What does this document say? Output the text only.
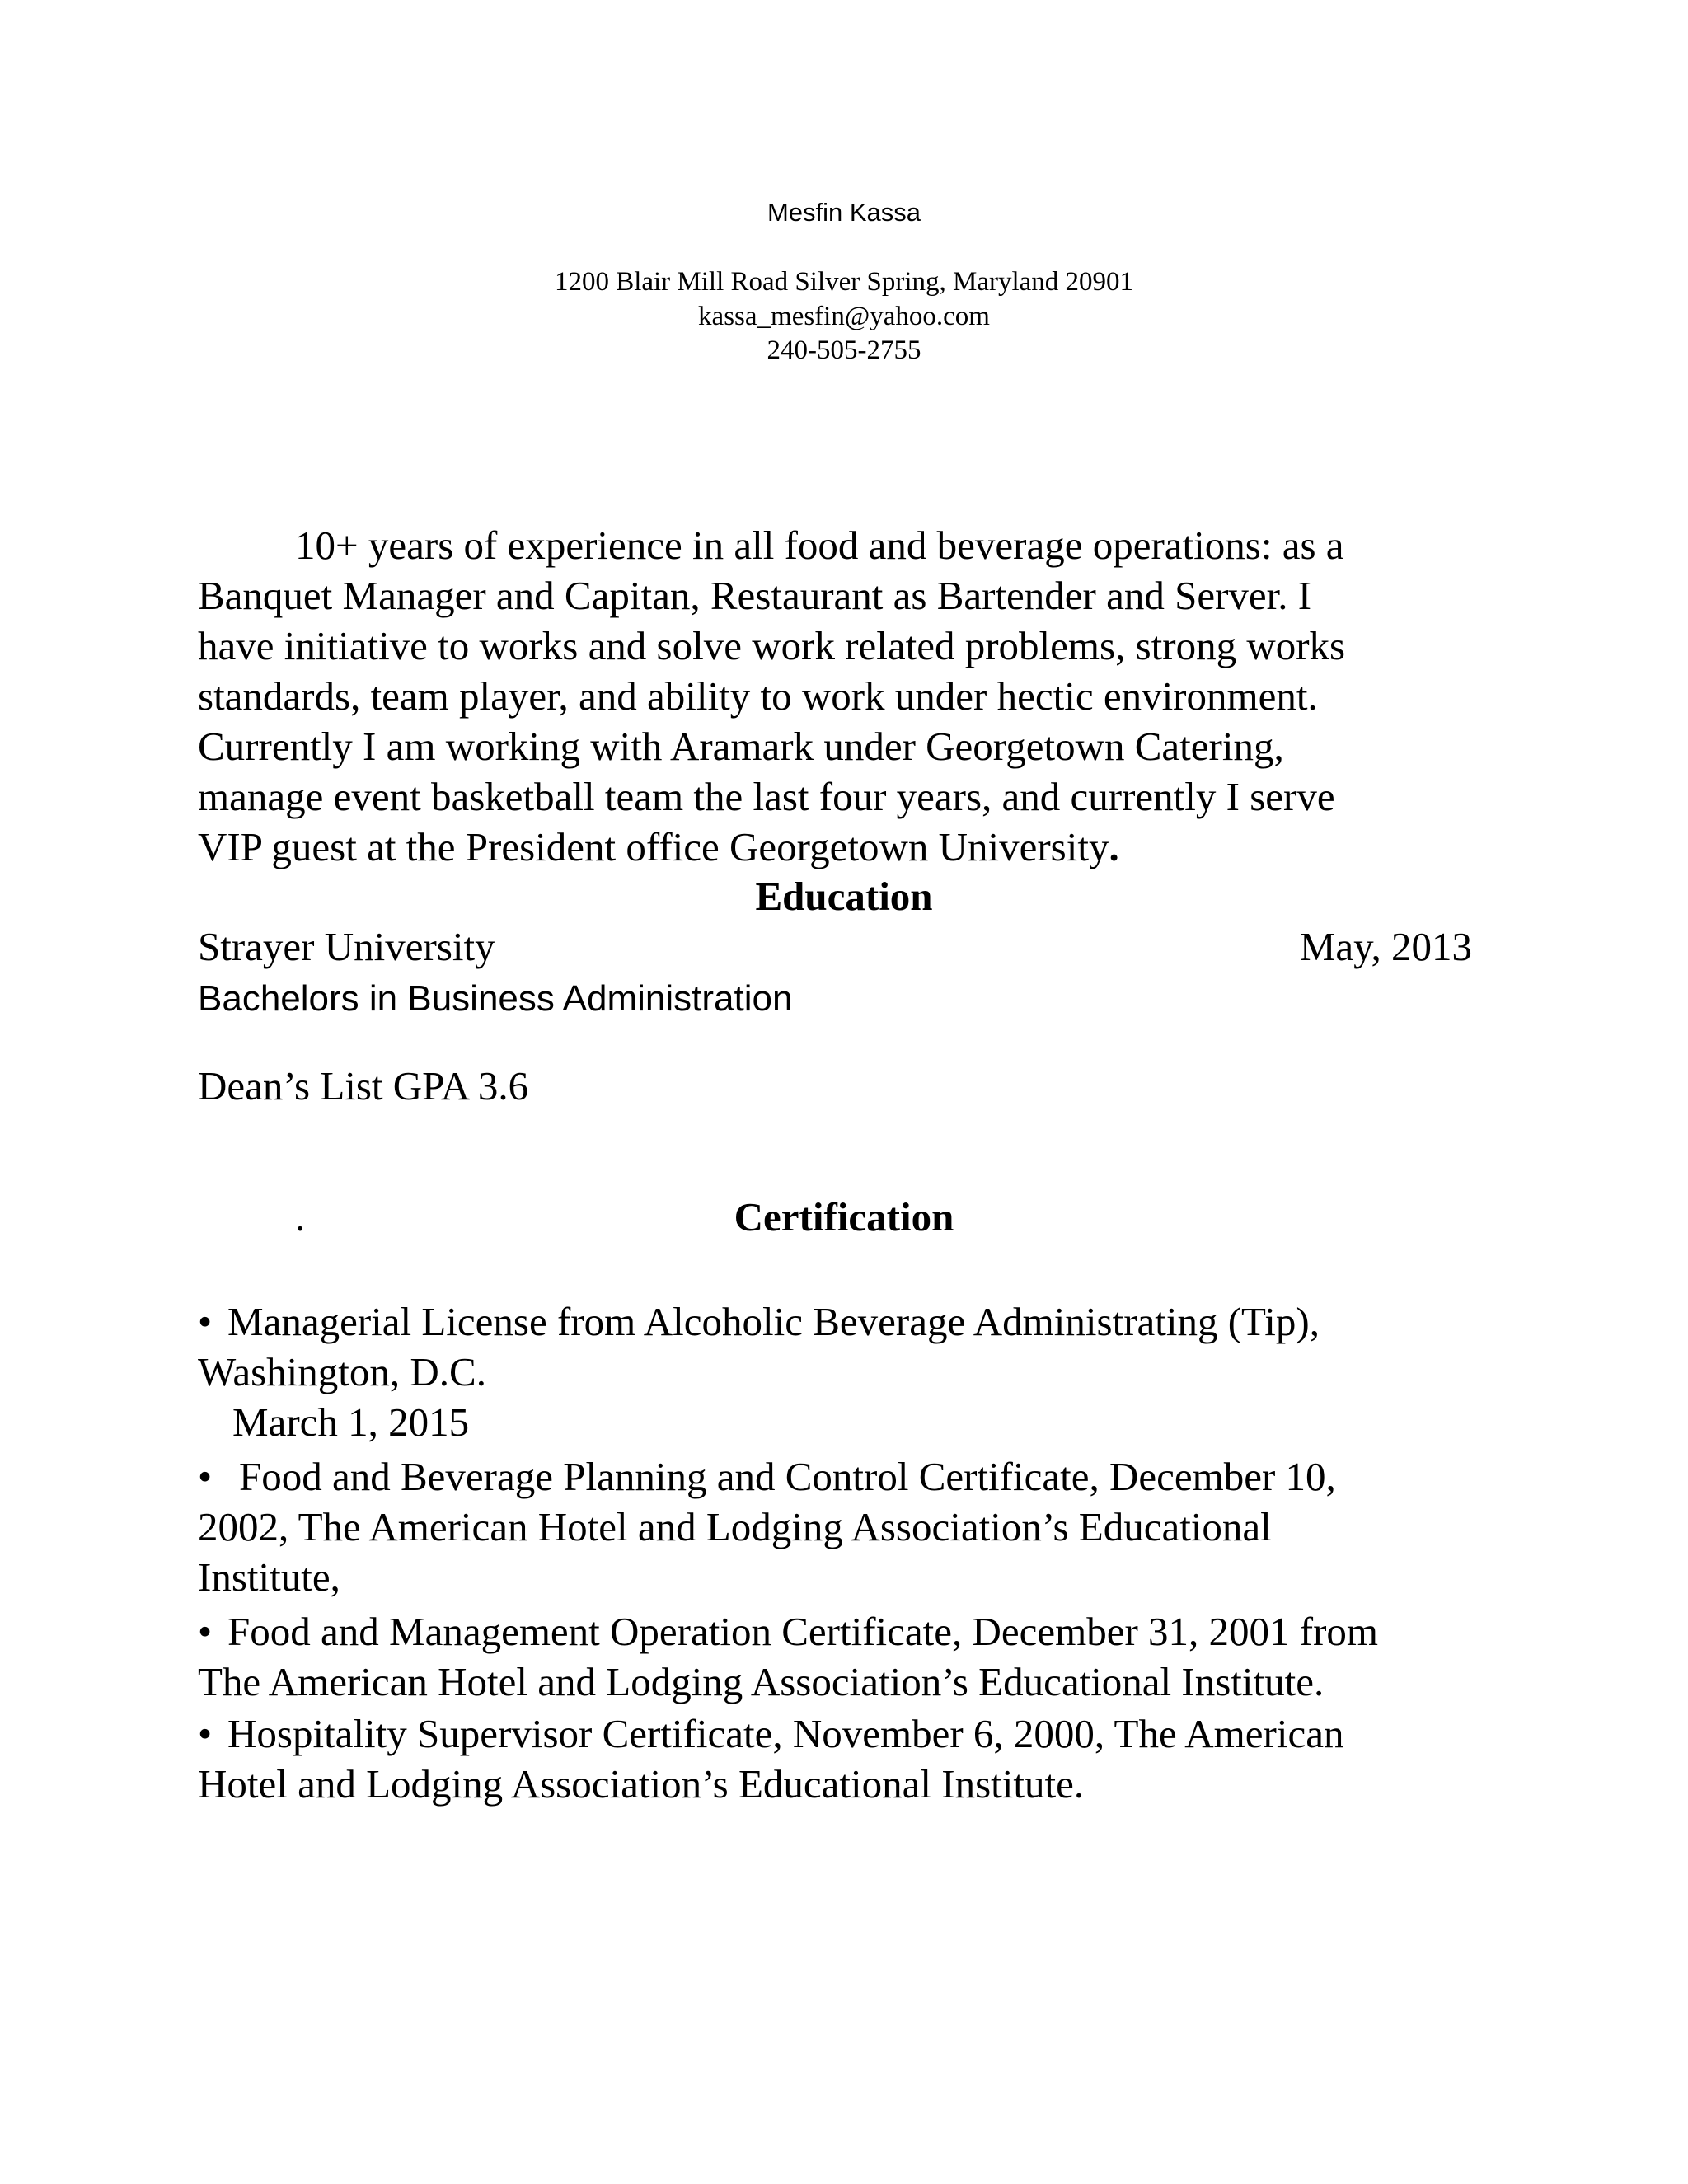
Mesfin Kassa
1200 Blair Mill Road Silver Spring, Maryland 20901
kassa_mesfin@yahoo.com
240-505-2755
10+ years of experience in all food and beverage operations: as a
Banquet Manager and Capitan, Restaurant as Bartender and Server. I
have initiative to works and solve work related problems, strong works
standards, team player, and ability to work under hectic environment.
Currently I am working with Aramark under Georgetown Catering,
manage event basketball team the last four years, and currently I serve
VIP guest at the President office Georgetown University.
Education
Strayer University	May, 2013
Bachelors in Business Administration
Dean’s List GPA 3.6
.	Certification
• Managerial License from Alcoholic Beverage Administrating (Tip),
Washington, D.C.
March 1, 2015
• Food and Beverage Planning and Control Certificate, December 10,
2002, The American Hotel and Lodging Association’s Educational
Institute,
• Food and Management Operation Certificate, December 31, 2001 from
The American Hotel and Lodging Association’s Educational Institute.
• Hospitality Supervisor Certificate, November 6, 2000, The American
Hotel and Lodging Association’s Educational Institute.
